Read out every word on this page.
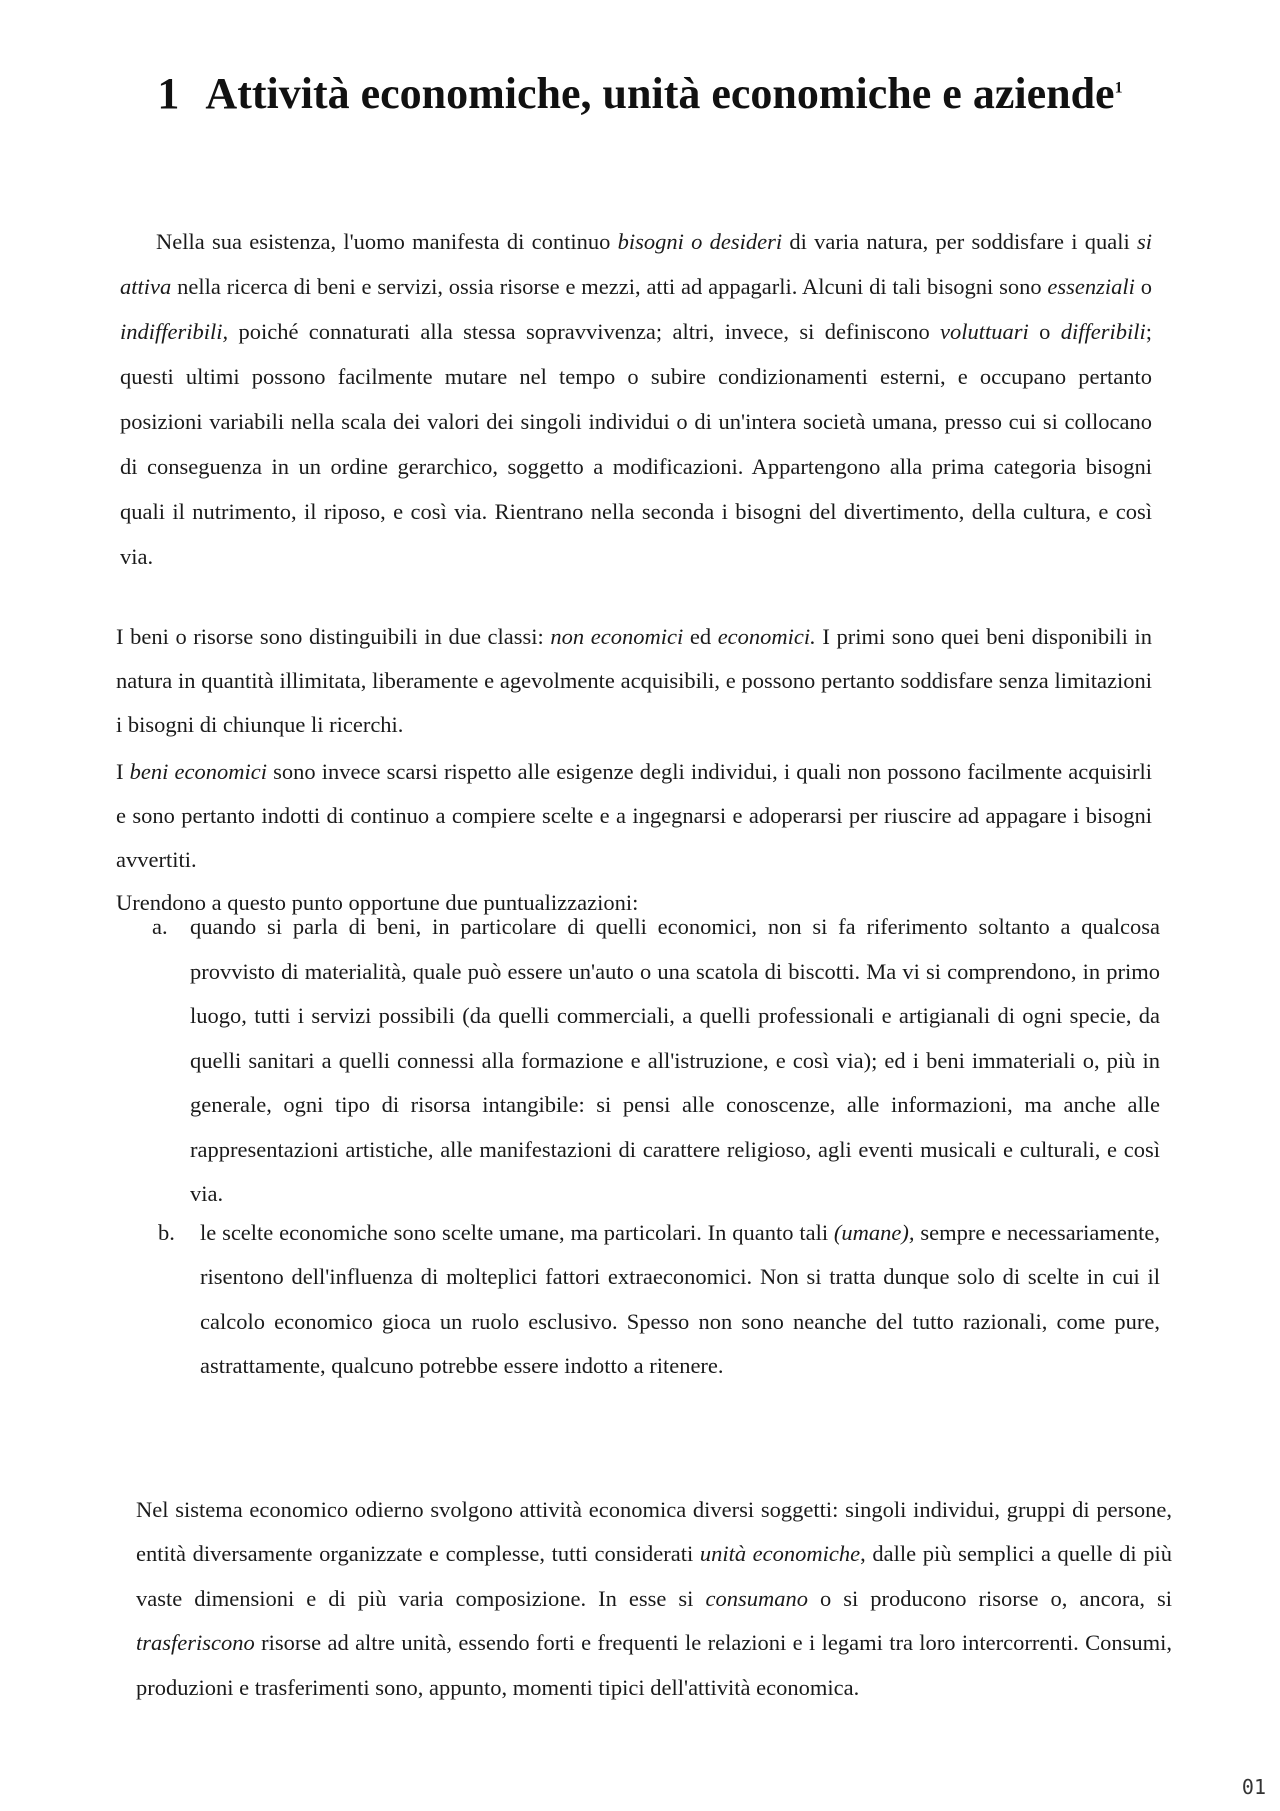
1 Attività economiche, unità economiche e aziende$^1$

Nella sua esistenza, l'uomo manifesta di continuo bisogni o desideri di varia natura, per soddisfare i quali si attiva nella ricerca di beni e servizi, ossia risorse e mezzi, atti ad appagarli. Alcuni di tali bisogni sono essenziali o indifferibili, poiché connaturati alla stessa sopravvivenza; altri, invece, si definiscono voluttuari o differibili; questi ultimi possono facilmente mutare nel tempo o subire condizionamenti esterni, e occupano pertanto posizioni variabili nella scala dei valori dei singoli individui o di un'intera società umana, presso cui si collocano di conseguenza in un ordine gerarchico, soggetto a modificazioni. Appartengono alla prima categoria bisogni quali il nutrimento, il riposo, e così via. Rientrano nella seconda i bisogni del divertimento, della cultura, e così via.

I beni o risorse sono distinguibili in due classi: non economici ed economici. I primi sono quei beni disponibili in natura in quantità illimitata, liberamente e agevolmente acquisibili, e possono pertanto soddisfare senza limitazioni i bisogni di chiunque li ricerchi.

I beni economici sono invece scarsi rispetto alle esigenze degli individui, i quali non possono facilmente acquisirli e sono pertanto indotti di continuo a compiere scelte e a ingegnarsi e adoperarsi per riuscire ad appagare i bisogni avvertiti.

Urendono a questo punto opportune due puntualizzazioni:

a. quando si parla di beni, in particolare di quelli economici, non si fa riferimento soltanto a qualcosa provvisto di materialità, quale può essere un'auto o una scatola di biscotti. Ma vi si comprendono, in primo luogo, tutti i servizi possibili (da quelli commerciali, a quelli professionali e artigianali di ogni specie, da quelli sanitari a quelli connessi alla formazione e all'istruzione, e così via); ed i beni immateriali o, più in generale, ogni tipo di risorsa intangibile: si pensi alle conoscenze, alle informazioni, ma anche alle rappresentazioni artistiche, alle manifestazioni di carattere religioso, agli eventi musicali e culturali, e così via.
b. le scelte economiche sono scelte umane, ma particolari. In quanto tali (umane), sempre e necessariamente, risentono dell'influenza di molteplici fattori extraeconomici. Non si tratta dunque solo di scelte in cui il calcolo economico gioca un ruolo esclusivo. Spesso non sono neanche del tutto razionali, come pure, astrattamente, qualcuno potrebbe essere indotto a ritenere.

Nel sistema economico odierno svolgono attività economica diversi soggetti: singoli individui, gruppi di persone, entità diversamente organizzate e complesse, tutti considerati unità economiche, dalle più semplici a quelle di più vaste dimensioni e di più varia composizione. In esse si consumano o si producono risorse o, ancora, si trasferiscono risorse ad altre unità, essendo forti e frequenti le relazioni e i legami tra loro intercorrenti. Consumi, produzioni e trasferimenti sono, appunto, momenti tipici dell'attività economica.

01
